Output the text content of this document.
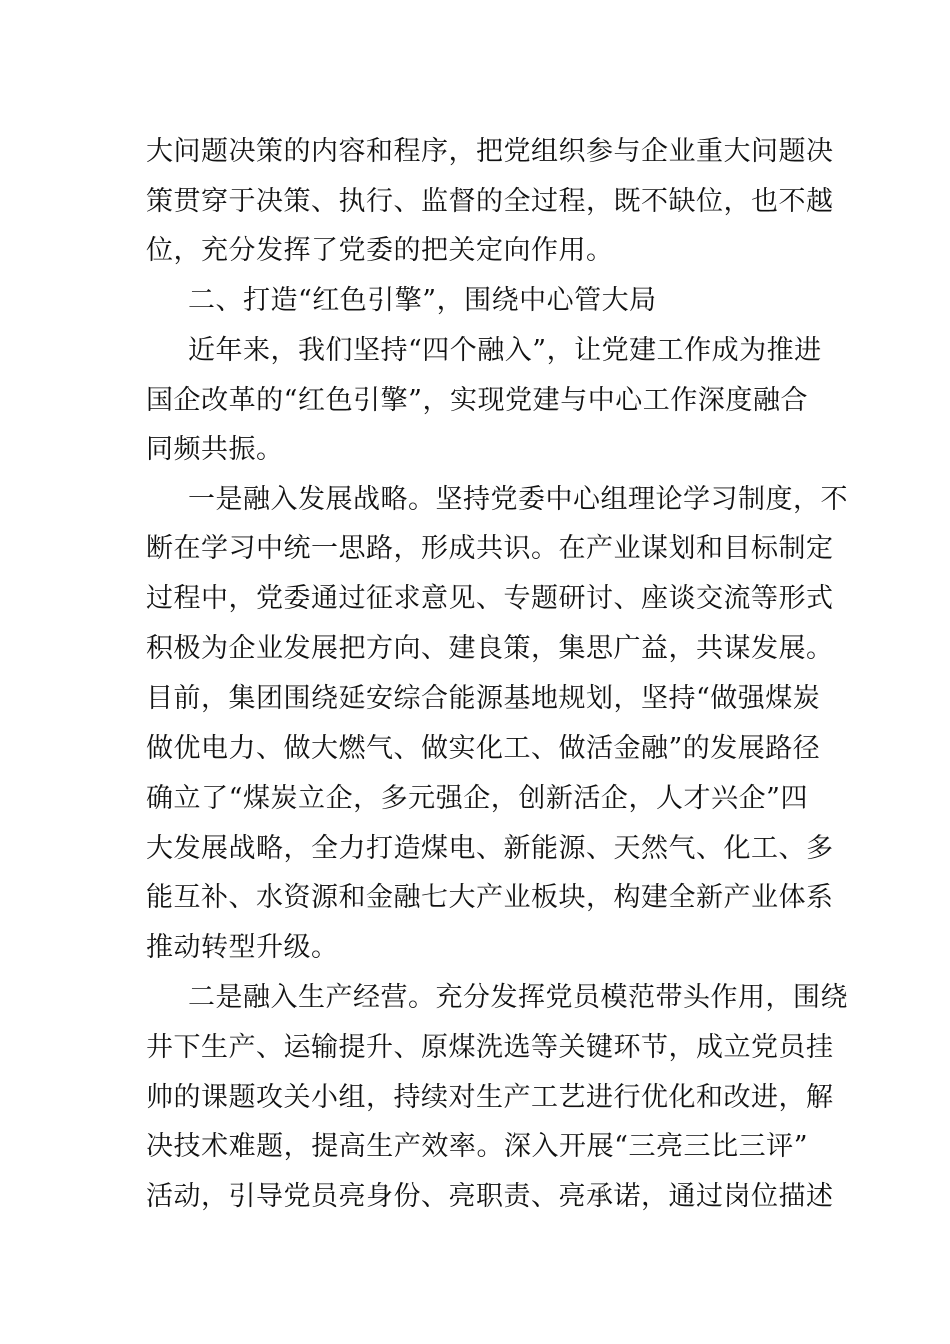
大问题决策的内容和程序，把党组织参与企业重大问题决
策贯穿于决策、执行、监督的全过程，既不缺位，也不越
位，充分发挥了党委的把关定向作用。
二、打造“红色引擎”，围绕中心管大局
近年来，我们坚持“四个融入”，让党建工作成为推进
国企改革的“红色引擎”，实现党建与中心工作深度融合
同频共振。
一是融入发展战略。坚持党委中心组理论学习制度，不
断在学习中统一思路，形成共识。在产业谋划和目标制定
过程中，党委通过征求意见、专题研讨、座谈交流等形式
积极为企业发展把方向、建良策，集思广益，共谋发展。
目前，集团围绕延安综合能源基地规划，坚持“做强煤炭
做优电力、做大燃气、做实化工、做活金融”的发展路径
确立了“煤炭立企，多元强企，创新活企，人才兴企”四
大发展战略，全力打造煤电、新能源、天然气、化工、多
能互补、水资源和金融七大产业板块，构建全新产业体系
推动转型升级。
二是融入生产经营。充分发挥党员模范带头作用，围绕
井下生产、运输提升、原煤洗选等关键环节，成立党员挂
帅的课题攻关小组，持续对生产工艺进行优化和改进，解
决技术难题，提高生产效率。深入开展“三亮三比三评”
活动，引导党员亮身份、亮职责、亮承诺，通过岗位描述
